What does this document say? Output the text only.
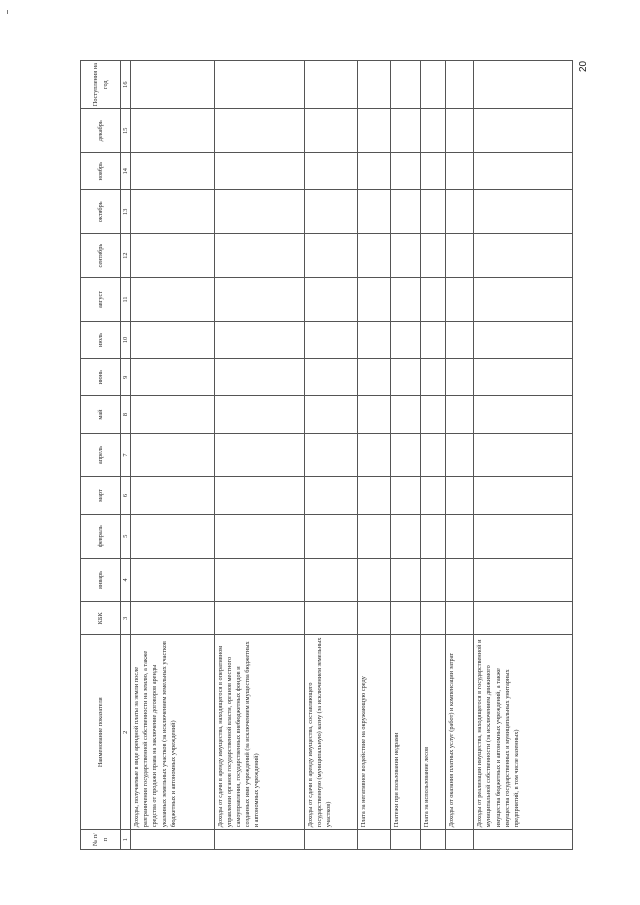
20
№ п/п	Наименование показателя	КБК	январь	февраль	март	апрель	май	июнь	июль	август	сентябрь	октябрь	ноябрь	декабрь	Поступления на год
1	2	3	4	5	6	7	8	9	10	11	12	13	14	15	16
	Доходы, получаемые в виде арендной платы за земли после разграничения государственной собственности на землю, а также средства от продажи права на заключение договоров аренды указанных земельных участков (за исключением земельных участков бюджетных и автономных учреждений)														
	Доходы от сдачи в аренду имущества, находящегося в оперативном управлении органов государственной власти, органов местного самоуправления, государственных внебюджетных фондов и созданных ими учреждений (за исключением имущества бюджетных и автономных учреждений)														
	Доходы от сдачи в аренду имущества, составляющего государственную (муниципальную) казну (за исключением земельных участков)														
	Плата за негативное воздействие на окружающую среду														
	Платежи при пользовании недрами														
	Плата за использование лесов														
	Доходы от оказания платных услуг (работ) и компенсации затрат														
	Доходы от реализации имущества, находящегося в государственной и муниципальной собственности (за исключением движимого имущества бюджетных и автономных учреждений, а также имущества государственных и муниципальных унитарных предприятий, в том числе казенных)														
